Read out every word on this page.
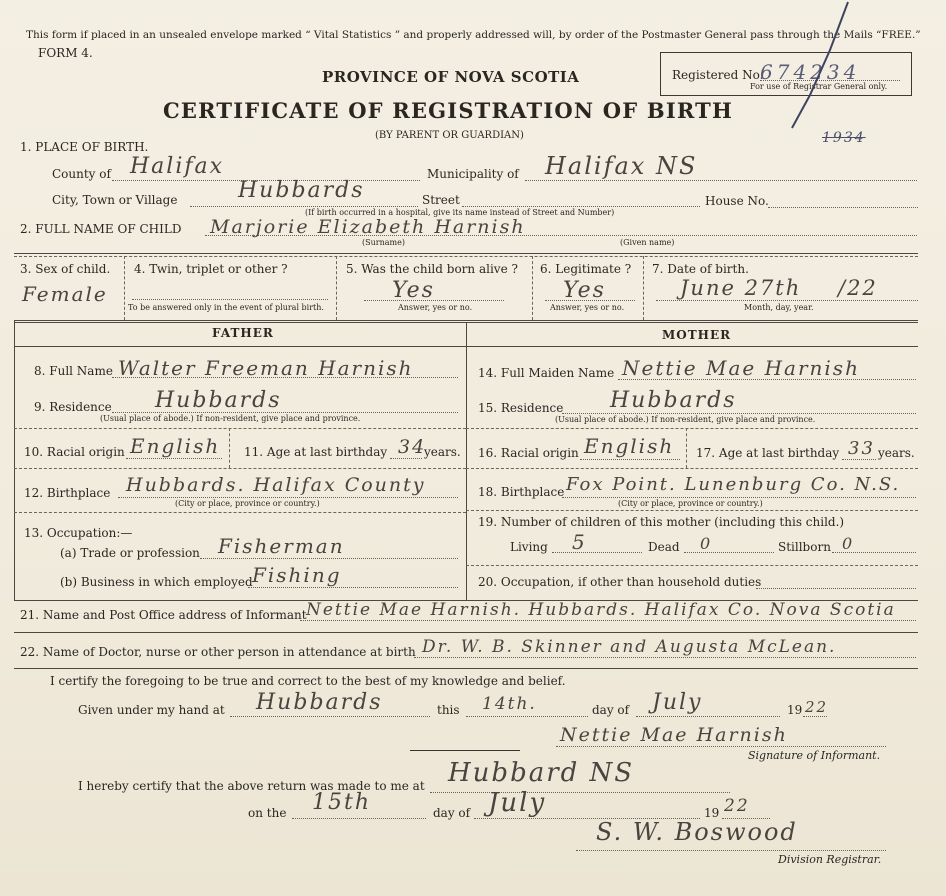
This form if placed in an unsealed envelope marked “ Vital Statistics ” and properly addressed will, by order of the Postmaster General pass through the Mails “FREE.”
FORM 4.
PROVINCE OF NOVA SCOTIA
CERTIFICATE OF REGISTRATION OF BIRTH
(BY PARENT OR GUARDIAN)
Registered No.
674234
For use of Registrar General only.
1934
1. PLACE OF BIRTH.
County of Halifax	Municipality of Halifax NS
City, Town or Village	Hubbards	Street
(If birth occurred in a hospital, give its name instead of Street and Number)
House No.
2. FULL NAME OF CHILD Marjorie Elizabeth Harnish
(Surname)	(Given name)
3. Sex of child.
Female
4. Twin, triplet or other ?
To be answered only in the event of plural birth.
5. Was the child born alive ?
Yes
Answer, yes or no.
6. Legitimate ?
Yes
Answer, yes or no.
7. Date of birth.
June 27th /22
Month, day, year.
FATHER	MOTHER
8. Full Name Walter Freeman Harnish
9. Residence Hubbards
(Usual place of abode.) If non-resident, give place and province.
10. Racial origin English 11. Age at last birthday 34
years.
12. Birthplace Hubbards. Halifax County
(City or place, province or country.)
13. Occupation:—
(a) Trade or profession Fisherman
(b) Business in which employed Fishing
14. Full Maiden Name Nettie Mae Harnish
15. Residence Hubbards
(Usual place of abode.) If non-resident, give place and province.
16. Racial origin English 17. Age at last birthday 33 years.
18. Birthplace Fox Point. Lunenburg Co. N.S.
(City or place, province or country.)
19. Number of children of this mother (including this child.)
Living 5	Dead 0	Stillborn 0
20. Occupation, if other than household duties
21. Name and Post Office address of Informant Nettie Mae Harnish. Hubbards. Halifax Co. Nova Scotia
22. Name of Doctor, nurse or other person in attendance at birth Dr. W. B. Skinner and Augusta McLean.
I certify the foregoing to be true and correct to the best of my knowledge and belief.
Given under my hand at Hubbards	this 14th.	day of July	19 22
Nettie Mae Harnish
Signature of Informant.
I hereby certify that the above return was made to me at Hubbard NS
on the 15th	day of July	19 22
S. W. Boswood
Division Registrar.
